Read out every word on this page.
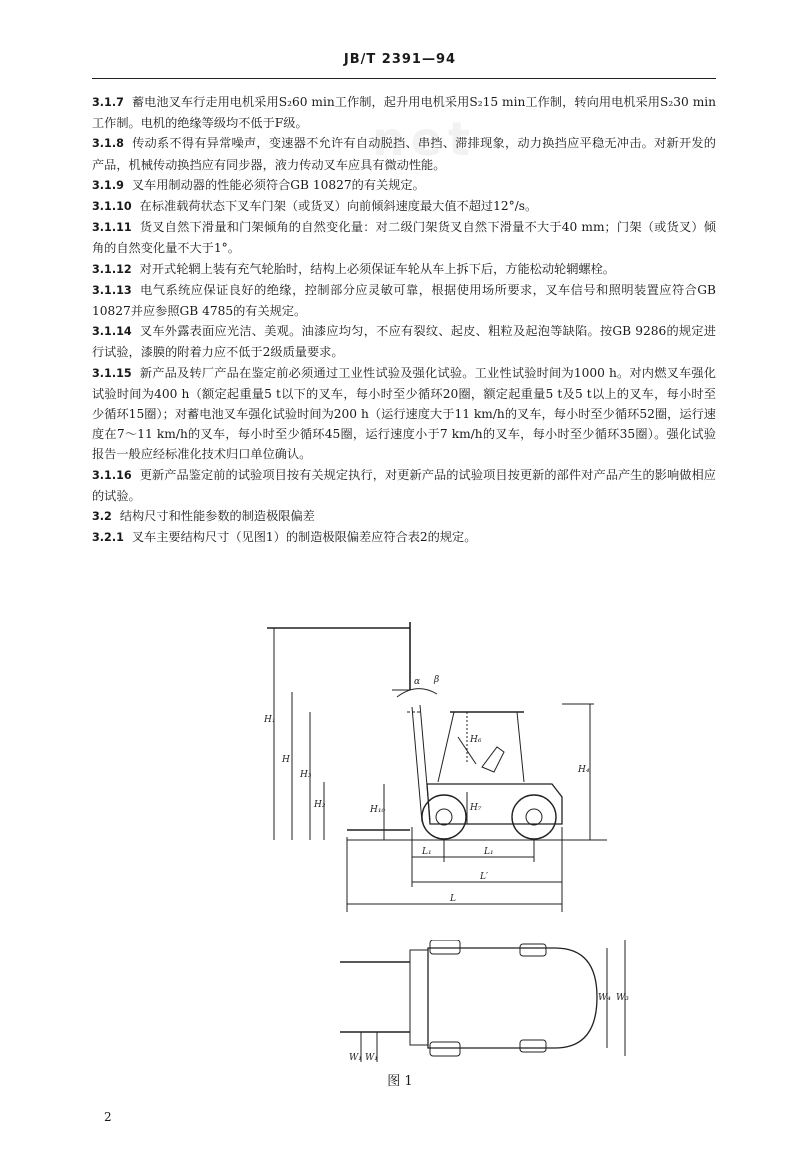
net
JB/T 2391—94

3.1.7 蓄电池叉车行走用电机采用S₂60 min工作制，起升用电机采用S₂15 min工作制，转向用电机采用S₂30 min工作制。电机的绝缘等级均不低于F级。

3.1.8 传动系不得有异常噪声，变速器不允许有自动脱挡、串挡、滞排现象，动力换挡应平稳无冲击。对新开发的产品，机械传动换挡应有同步器，液力传动叉车应具有微动性能。

3.1.9 叉车用制动器的性能必须符合GB 10827的有关规定。

3.1.10 在标准载荷状态下叉车门架（或货叉）向前倾斜速度最大值不超过12°/s。

3.1.11 货叉自然下滑量和门架倾角的自然变化量：对二级门架货叉自然下滑量不大于40 mm；门架（或货叉）倾角的自然变化量不大于1°。

3.1.12 对开式轮辋上装有充气轮胎时，结构上必须保证车轮从车上拆下后，方能松动轮辋螺栓。

3.1.13 电气系统应保证良好的绝缘，控制部分应灵敏可靠，根据使用场所要求，叉车信号和照明装置应符合GB 10827并应参照GB 4785的有关规定。

3.1.14 叉车外露表面应光洁、美观。油漆应均匀，不应有裂纹、起皮、粗粒及起泡等缺陷。按GB 9286的规定进行试验，漆膜的附着力应不低于2级质量要求。

3.1.15 新产品及转厂产品在鉴定前必须通过工业性试验及强化试验。工业性试验时间为1000 h。对内燃叉车强化试验时间为400 h（额定起重量5 t以下的叉车，每小时至少循环20圈，额定起重量5 t及5 t以上的叉车，每小时至少循环15圈）；对蓄电池叉车强化试验时间为200 h（运行速度大于11 km/h的叉车，每小时至少循环52圈，运行速度在7～11 km/h的叉车，每小时至少循环45圈，运行速度小于7 km/h的叉车，每小时至少循环35圈）。强化试验报告一般应经标准化技术归口单位确认。

3.1.16 更新产品鉴定前的试验项目按有关规定执行，对更新产品的试验项目按更新的部件对产品产生的影响做相应的试验。

3.2 结构尺寸和性能参数的制造极限偏差

3.2.1 叉车主要结构尺寸（见图1）的制造极限偏差应符合表2的规定。

H₁
H
H₃
H₂	H₁₀
H₆
H₇
H₄
α β
L₁	L₁
L′
L
W₄ W₃
W₁ W₁
图 1
2
